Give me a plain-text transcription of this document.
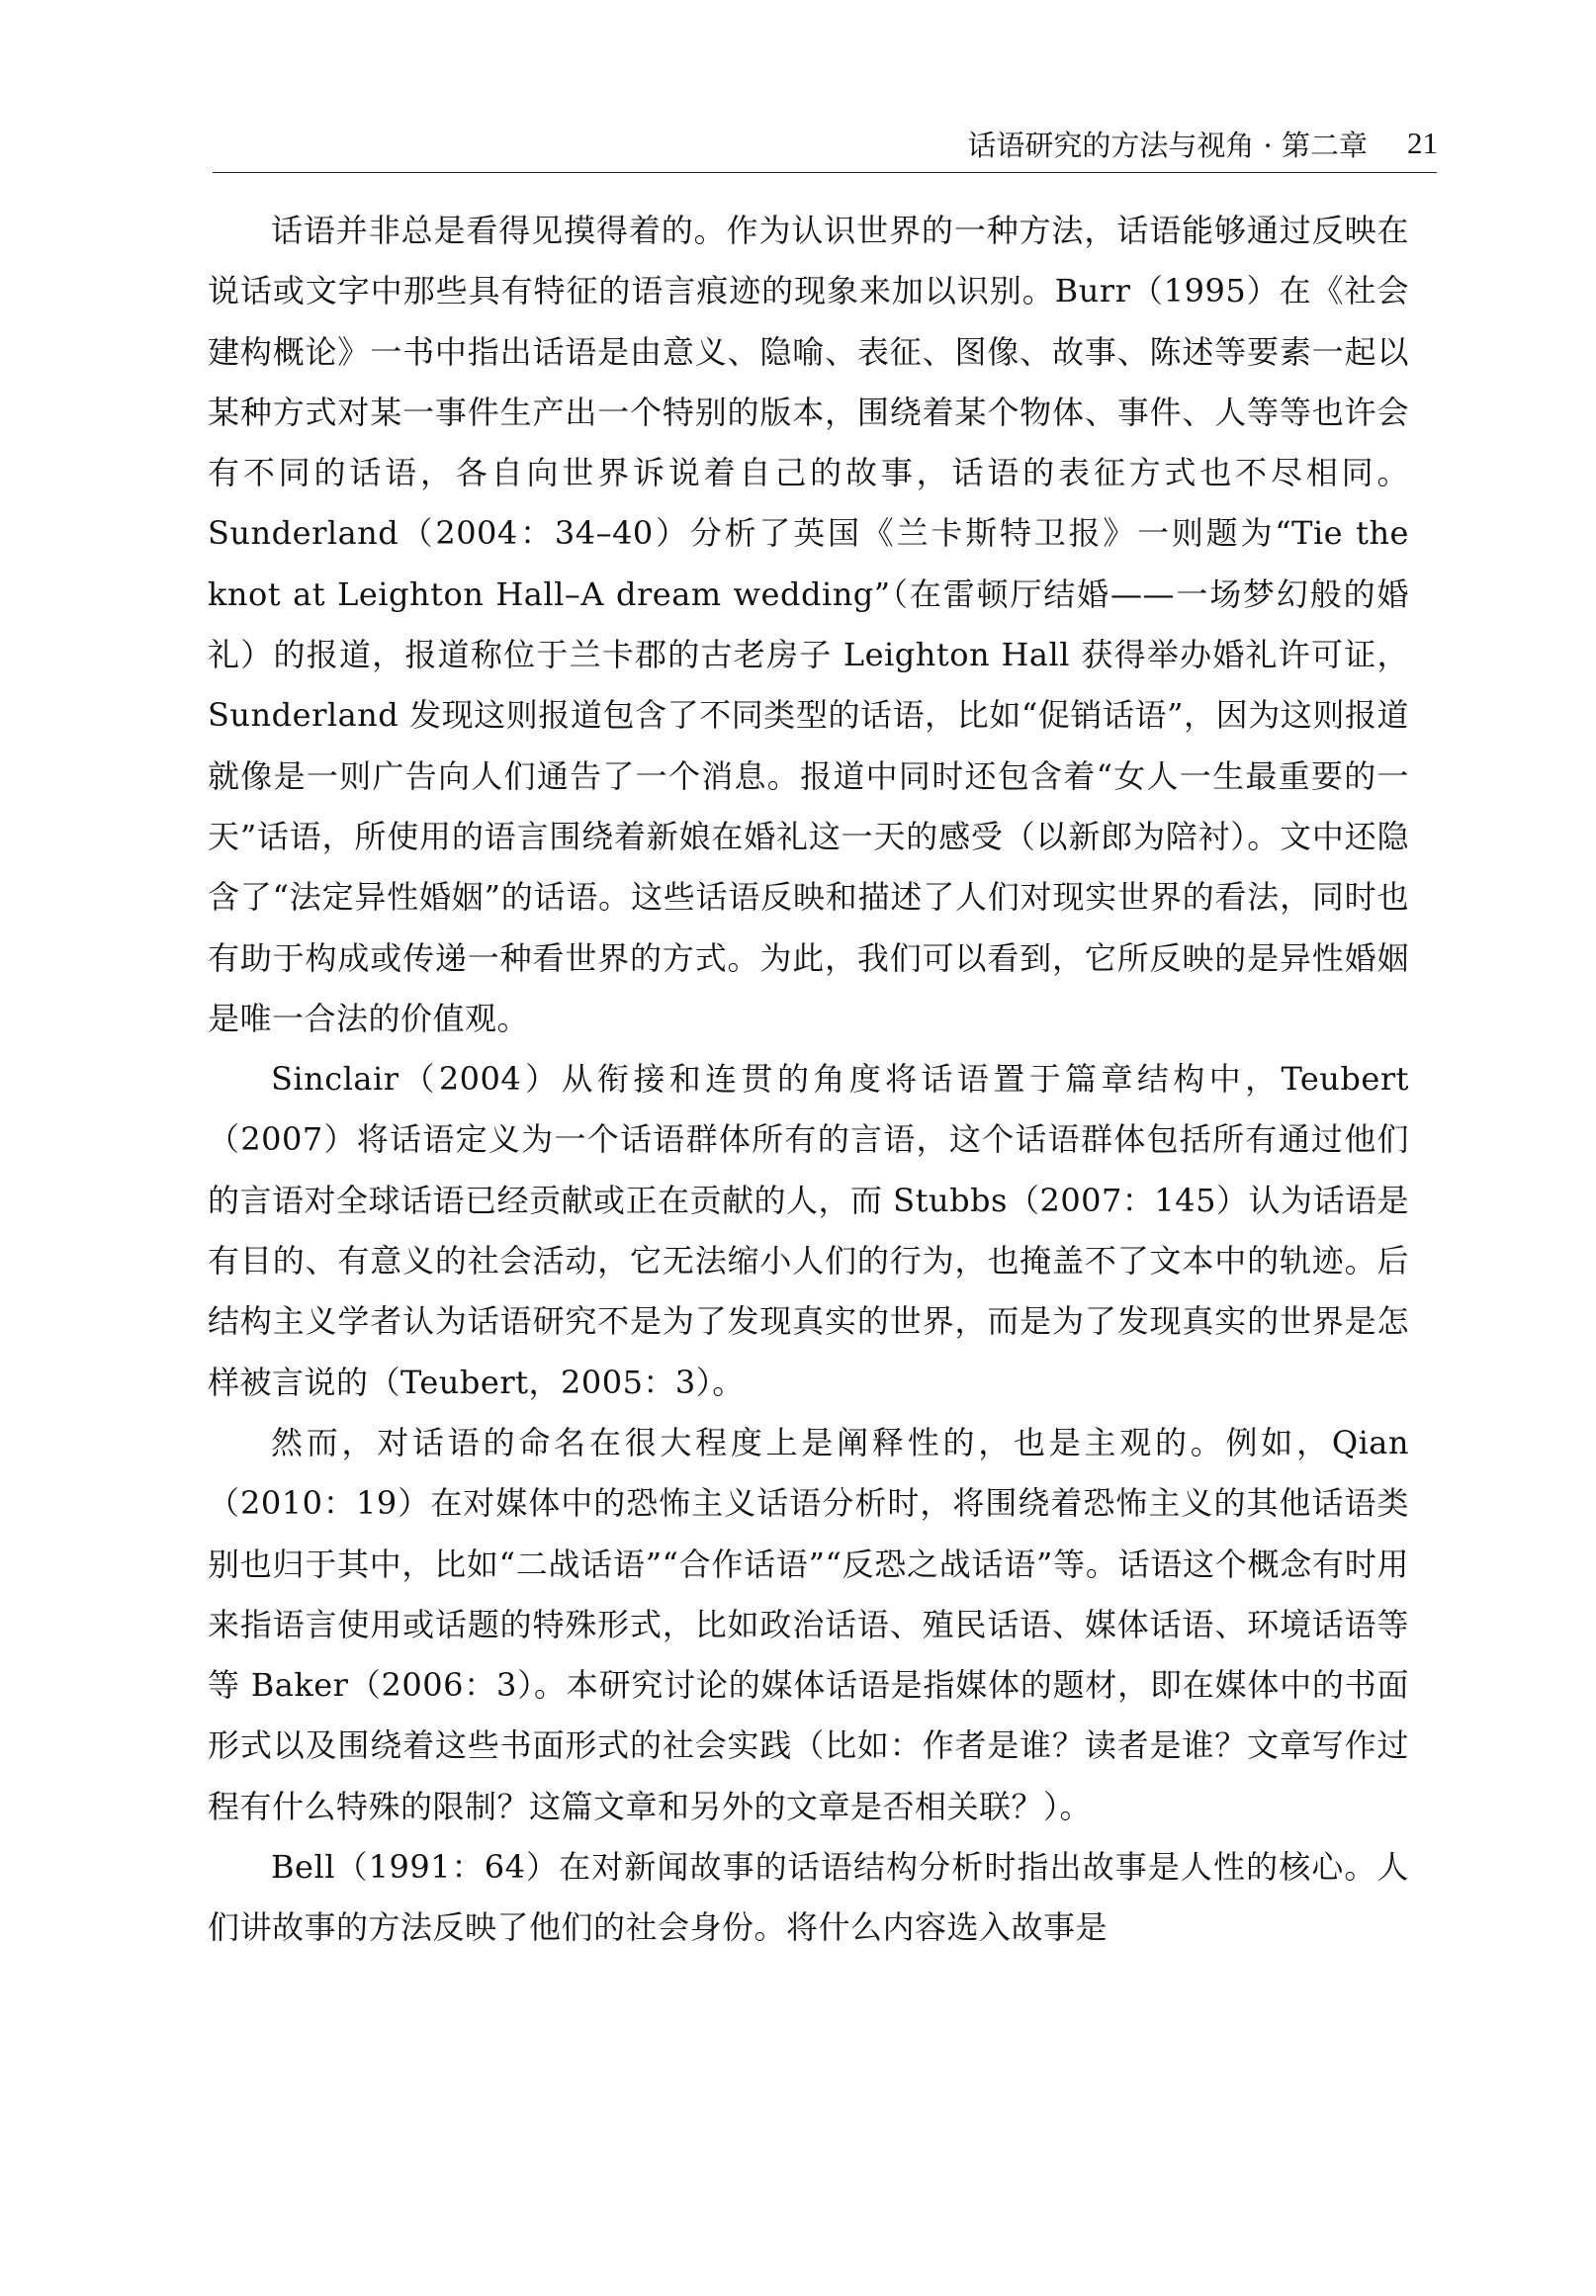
话语研究的方法与视角 · 第二章 21

话语并非总是看得见摸得着的。作为认识世界的一种方法，话语能够通过反映在说话或文字中那些具有特征的语言痕迹的现象来加以识别。Burr（1995）在《社会建构概论》一书中指出话语是由意义、隐喻、表征、图像、故事、陈述等要素一起以某种方式对某一事件生产出一个特别的版本，围绕着某个物体、事件、人等等也许会有不同的话语，各自向世界诉说着自己的故事，话语的表征方式也不尽相同。Sunderland（2004：34–40）分析了英国《兰卡斯特卫报》一则题为“Tie the knot at Leighton Hall–A dream wedding”（在雷顿厅结婚——一场梦幻般的婚礼）的报道，报道称位于兰卡郡的古老房子 Leighton Hall 获得举办婚礼许可证，Sunderland 发现这则报道包含了不同类型的话语，比如“促销话语”，因为这则报道就像是一则广告向人们通告了一个消息。报道中同时还包含着“女人一生最重要的一天”话语，所使用的语言围绕着新娘在婚礼这一天的感受（以新郎为陪衬）。文中还隐含了“法定异性婚姻”的话语。这些话语反映和描述了人们对现实世界的看法，同时也有助于构成或传递一种看世界的方式。为此，我们可以看到，它所反映的是异性婚姻是唯一合法的价值观。

Sinclair（2004）从衔接和连贯的角度将话语置于篇章结构中，Teubert（2007）将话语定义为一个话语群体所有的言语，这个话语群体包括所有通过他们的言语对全球话语已经贡献或正在贡献的人，而 Stubbs（2007：145）认为话语是有目的、有意义的社会活动，它无法缩小人们的行为，也掩盖不了文本中的轨迹。后结构主义学者认为话语研究不是为了发现真实的世界，而是为了发现真实的世界是怎样被言说的（Teubert，2005：3）。

然而，对话语的命名在很大程度上是阐释性的，也是主观的。例如，Qian（2010：19）在对媒体中的恐怖主义话语分析时，将围绕着恐怖主义的其他话语类别也归于其中，比如“二战话语”“合作话语”“反恐之战话语”等。话语这个概念有时用来指语言使用或话题的特殊形式，比如政治话语、殖民话语、媒体话语、环境话语等等 Baker（2006：3）。本研究讨论的媒体话语是指媒体的题材，即在媒体中的书面形式以及围绕着这些书面形式的社会实践（比如：作者是谁？读者是谁？文章写作过程有什么特殊的限制？这篇文章和另外的文章是否相关联？）。

Bell（1991：64）在对新闻故事的话语结构分析时指出故事是人性的核心。人们讲故事的方法反映了他们的社会身份。将什么内容选入故事是
